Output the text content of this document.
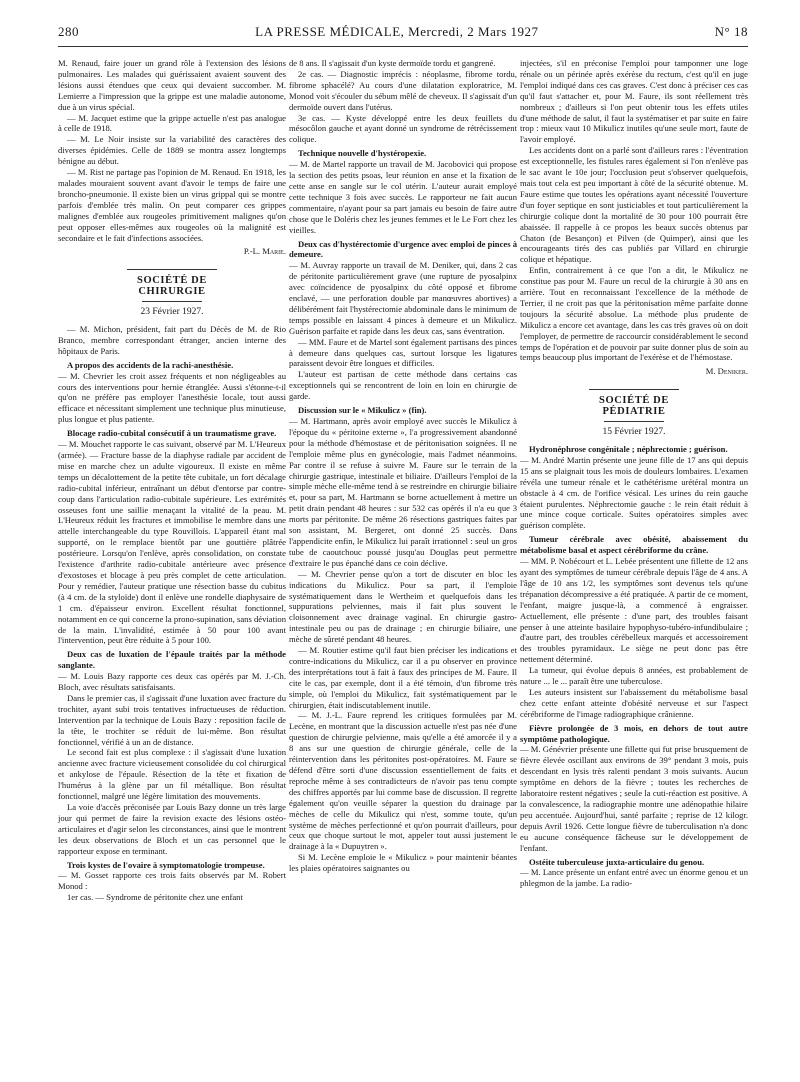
280	LA PRESSE MÉDICALE, Mercredi, 2 Mars 1927	N° 18

M. Renaud, faire jouer un grand rôle à l'extension des lésions pulmonaires. Les malades qui guérissaient avaient souvent des lésions aussi étendues que ceux qui devaient succomber. M. Lemierre a l'impression que la grippe est une maladie autonome, due à un virus spécial.

— M. Jacquet estime que la grippe actuelle n'est pas analogue à celle de 1918.

— M. Le Noir insiste sur la variabilité des caractères des diverses épidémies. Celle de 1889 se montra assez longtemps bénigne au début.

— M. Rist ne partage pas l'opinion de M. Renaud. En 1918, les malades mouraient souvent avant d'avoir le temps de faire une broncho-pneumonie. Il existe bien un virus grippal qui se montre parfois d'emblée très malin. On peut comparer ces grippes malignes d'emblée aux rougeoles primitivement malignes qu'on peut opposer elles-mêmes aux rougeoles où la malignité est secondaire et le fait d'infections associées.

P.-L. Marie.

SOCIÉTÉ DE CHIRURGIE
23 Février 1927.

— M. Michon, président, fait part du Décès de M. de Rio Branco, membre correspondant étranger, ancien interne des hôpitaux de Paris.

A propos des accidents de la rachi-anesthésie.

— M. Chevrier les croit assez fréquents et non négligeables au cours des interventions pour hernie étranglée. Aussi s'étonne-t-il qu'on ne préfère pas employer l'anesthésie locale, tout aussi efficace et nécessitant simplement une technique plus minutieuse, plus longue et plus patiente.

Blocage radio-cubital consécutif à un traumatisme grave.

— M. Mouchet rapporte le cas suivant, observé par M. L'Heureux (armée). — Fracture basse de la diaphyse radiale par accident de mise en marche chez un adulte vigoureux. Il existe en même temps un décalottement de la petite tête cubitale, un fort décalage radio-cubital inférieur, entraînant un début d'entorse par contre-coup dans l'articulation radio-cubitale supérieure. Les extrémités osseuses font une saillie menaçant la vitalité de la peau. M. L'Heureux réduit les fractures et immobilise le membre dans une attelle interchangeable du type Rouvillois. L'appareil étant mal supporté, on le remplace bientôt par une gouttière plâtrée postérieure. Lorsqu'on l'enlève, après consolidation, on constate l'existence d'arthrite radio-cubitale antérieure avec présence d'exostoses et blocage à peu près complet de cette articulation. Pour y remédier, l'auteur pratique une résection basse du cubitus (à 4 cm. de la styloïde) dont il enlève une rondelle diaphysaire de 1 cm. d'épaisseur environ. Excellent résultat fonctionnel, notamment en ce qui concerne la prono-supination, sans déviation de la main. L'invalidité, estimée à 50 pour 100 avant l'intervention, peut être réduite à 5 pour 100.

Deux cas de luxation de l'épaule traités par la méthode sanglante.

— M. Louis Bazy rapporte ces deux cas opérés par M. J.-Ch. Bloch, avec résultats satisfaisants.

Dans le premier cas, il s'agissait d'une luxation avec fracture du trochiter, ayant subi trois tentatives infructueuses de réduction. Intervention par la technique de Louis Bazy : reposition facile de la tête, le trochiter se réduit de lui-même. Bon résultat fonctionnel, vérifié à un an de distance.

Le second fait est plus complexe : il s'agissait d'une luxation ancienne avec fracture vicieusement consolidée du col chirurgical et ankylose de l'épaule. Résection de la tête et fixation de l'humérus à la glène par un fil métallique. Bon résultat fonctionnel, malgré une légère limitation des mouvements.

La voie d'accès préconisée par Louis Bazy donne un très large jour qui permet de faire la revision exacte des lésions ostéo-articulaires et d'agir selon les circonstances, ainsi que le montrent les deux observations de Bloch et un cas personnel que le rapporteur expose en terminant.

Trois kystes de l'ovaire à symptomatologie trompeuse.

— M. Gosset rapporte ces trois faits observés par M. Robert Monod :

1er cas. — Syndrome de péritonite chez une enfant

de 8 ans. Il s'agissait d'un kyste dermoïde tordu et gangrené.

2e cas. — Diagnostic imprécis : néoplasme, fibrome tordu, fibrome sphacélé? Au cours d'une dilatation exploratrice, M. Monod voit s'écouler du sébum mêlé de cheveux. Il s'agissait d'un dermoïde ouvert dans l'utérus.

3e cas. — Kyste développé entre les deux feuillets du mésocôlon gauche et ayant donné un syndrome de rétrécissement colique.

Technique nouvelle d'hystéropexie.

— M. de Martel rapporte un travail de M. Jacobovici qui propose la section des petits psoas, leur réunion en anse et la fixation de cette anse en sangle sur le col utérin. L'auteur aurait employé cette technique 3 fois avec succès. Le rapporteur ne fait aucun commentaire, n'ayant pour sa part jamais eu besoin de faire autre chose que le Doléris chez les jeunes femmes et le Le Fort chez les vieilles.

Deux cas d'hystérectomie d'urgence avec emploi de pinces à demeure.

— M. Auvray rapporte un travail de M. Deniker, qui, dans 2 cas de péritonite particulièrement grave (une rupture de pyosalpinx avec coïncidence de pyosalpinx du côté opposé et fibrome enclavé, — une perforation double par manœuvres abortives) a délibérément fait l'hystérectomie abdominale dans le minimum de temps possible en laissant 4 pinces à demeure et un Mikulicz. Guérison parfaite et rapide dans les deux cas, sans éventration.

— MM. Faure et de Martel sont également partisans des pinces à demeure dans quelques cas, surtout lorsque les ligatures paraissent devoir être longues et difficiles.

L'auteur est partisan de cette méthode dans certains cas exceptionnels qui se rencontrent de loin en loin en chirurgie de garde.

Discussion sur le « Mikulicz » (fin).

— M. Hartmann, après avoir employé avec succès le Mikulicz à l'époque du « péritoine externe », l'a progressivement abandonné pour la méthode d'hémostase et de péritonisation soignées. Il ne l'emploie même plus en gynécologie, mais l'admet néanmoins. Par contre il se refuse à suivre M. Faure sur le terrain de la chirurgie gastrique, intestinale et biliaire. D'ailleurs l'emploi de la simple mèche elle-même tend à se restreindre en chirurgie biliaire et, pour sa part, M. Hartmann se borne actuellement à mettre un petit drain pendant 48 heures : sur 532 cas opérés il n'a eu que 3 morts par péritonite. De même 26 résections gastriques faites par son assistant, M. Bergeret, ont donné 25 succès. Dans l'appendicite enfin, le Mikulicz lui paraît irrationnel : seul un gros tube de caoutchouc poussé jusqu'au Douglas peut permettre d'extraire le pus épanché dans ce coin déclive.

— M. Chevrier pense qu'on a tort de discuter en bloc les indications du Mikulicz. Pour sa part, il l'emploie systématiquement dans le Wertheim et quelquefois dans les suppurations pelviennes, mais il fait plus souvent le cloisonnement avec drainage vaginal. En chirurgie gastro-intestinale peu ou pas de drainage ; en chirurgie biliaire, une mèche de sûreté pendant 48 heures.

— M. Routier estime qu'il faut bien préciser les indications et contre-indications du Mikulicz, car il a pu observer en province des interprétations tout à fait à faux des principes de M. Faure. Il cite le cas, par exemple, dont il a été témoin, d'un fibrome très simple, où l'emploi du Mikulicz, fait systématiquement par le chirurgien, était indiscutablement inutile.

— M. J.-L. Faure reprend les critiques formulées par M. Lecène, en montrant que la discussion actuelle n'est pas née d'une question de chirurgie pelvienne, mais qu'elle a été amorcée il y a 8 ans sur une question de chirurgie générale, celle de la réintervention dans les péritonites post-opératoires. M. Faure se défend d'être sorti d'une discussion essentiellement de faits et reproche même à ses contradicteurs de n'avoir pas tenu compte des chiffres apportés par lui comme base de discussion. Il regrette également qu'on veuille séparer la question du drainage par mèches de celle du Mikulicz qui n'est, somme toute, qu'un système de mèches perfectionné et qu'on pourrait d'ailleurs, pour ceux que choque surtout le mot, appeler tout aussi justement le drainage à la « Dupuytren ».

Si M. Lecène emploie le « Mikulicz » pour maintenir béantes les plaies opératoires saignantes ou

injectées, s'il en préconise l'emploi pour tamponner une loge rénale ou un périnée après exérèse du rectum, c'est qu'il en juge l'emploi indiqué dans ces cas graves. C'est donc à préciser ces cas qu'il faut s'attacher et, pour M. Faure, ils sont réellement très nombreux ; d'ailleurs si l'on peut obtenir tous les effets utiles d'une méthode de salut, il faut la systématiser et par suite en faire trop : mieux vaut 10 Mikulicz inutiles qu'une seule mort, faute de l'avoir employé.

Les accidents dont on a parlé sont d'ailleurs rares : l'éventration est exceptionnelle, les fistules rares également si l'on n'enlève pas le sac avant le 10e jour; l'occlusion peut s'observer quelquefois, mais tout cela est peu important à côté de la sécurité obtenue. M. Faure estime que toutes les opérations ayant nécessité l'ouverture d'un foyer septique en sont justiciables et tout particulièrement la chirurgie colique dont la mortalité de 30 pour 100 pourrait être abaissée. Il rappelle à ce propos les beaux succès obtenus par Chaton (de Besançon) et Pilven (de Quimper), ainsi que les encourageants tirés des cas publiés par Villard en chirurgie colique et hépatique.

Enfin, contrairement à ce que l'on a dit, le Mikulicz ne constitue pas pour M. Faure un recul de la chirurgie à 30 ans en arrière. Tout en reconnaissant l'excellence de la méthode de Terrier, il ne croit pas que la péritonisation même parfaite donne toujours la sécurité absolue. La méthode plus prudente de Mikulicz a encore cet avantage, dans les cas très graves où on doit l'employer, de permettre de raccourcir considérablement le second temps de l'opération et de pouvoir par suite donner plus de soin au temps beaucoup plus important de l'exérèse et de l'hémostase.

M. Deniker.

SOCIÉTÉ DE PÉDIATRIE
15 Février 1927.

Hydronéphrose congénitale ; néphrectomie ; guérison.

— M. André Martin présente une jeune fille de 17 ans qui depuis 15 ans se plaignait tous les mois de douleurs lombaires. L'examen révéla une tumeur rénale et le cathétérisme urétéral montra un obstacle à 4 cm. de l'orifice vésical. Les urines du rein gauche étaient purulentes. Néphrectomie gauche : le rein était réduit à une mince coque corticale. Suites opératoires simples avec guérison complète.

Tumeur cérébrale avec obésité, abaissement du métabolisme basal et aspect cérébriforme du crâne.

— MM. P. Nobécourt et L. Lebée présentent une fillette de 12 ans ayant des symptômes de tumeur cérébrale depuis l'âge de 4 ans. A l'âge de 10 ans 1/2, les symptômes sont devenus tels qu'une trépanation décompressive a été pratiquée. A partir de ce moment, l'enfant, maigre jusque-là, a commencé à engraisser. Actuellement, elle présente : d'une part, des troubles faisant penser à une atteinte basilaire hypophyso-tubéro-infundibulaire ; d'autre part, des troubles cérébelleux marqués et accessoirement des troubles pyramidaux. Le siège ne peut donc pas être nettement déterminé.

La tumeur, qui évolue depuis 8 années, est probablement de nature ... le ... paraît être une tuberculose.

Les auteurs insistent sur l'abaissement du métabolisme basal chez cette enfant atteinte d'obésité nerveuse et sur l'aspect cérébriforme de l'image radiographique crânienne.

Fièvre prolongée de 3 mois, en dehors de tout autre symptôme pathologique.

— M. Génévrier présente une fillette qui fut prise brusquement de fièvre élevée oscillant aux environs de 39° pendant 3 mois, puis descendant en lysis très ralenti pendant 3 mois suivants. Aucun symptôme en dehors de la fièvre ; toutes les recherches de laboratoire restent négatives ; seule la cuti-réaction est positive. A la convalescence, la radiographie montre une adénopathie hilaire peu accentuée. Aujourd'hui, santé parfaite ; reprise de 12 kilogr. depuis Avril 1926. Cette longue fièvre de tuberculisation n'a donc eu aucune conséquence fâcheuse sur le développement de l'enfant.

Ostéite tuberculeuse juxta-articulaire du genou.

— M. Lance présente un enfant entré avec un énorme genou et un phlegmon de la jambe. La radio-
